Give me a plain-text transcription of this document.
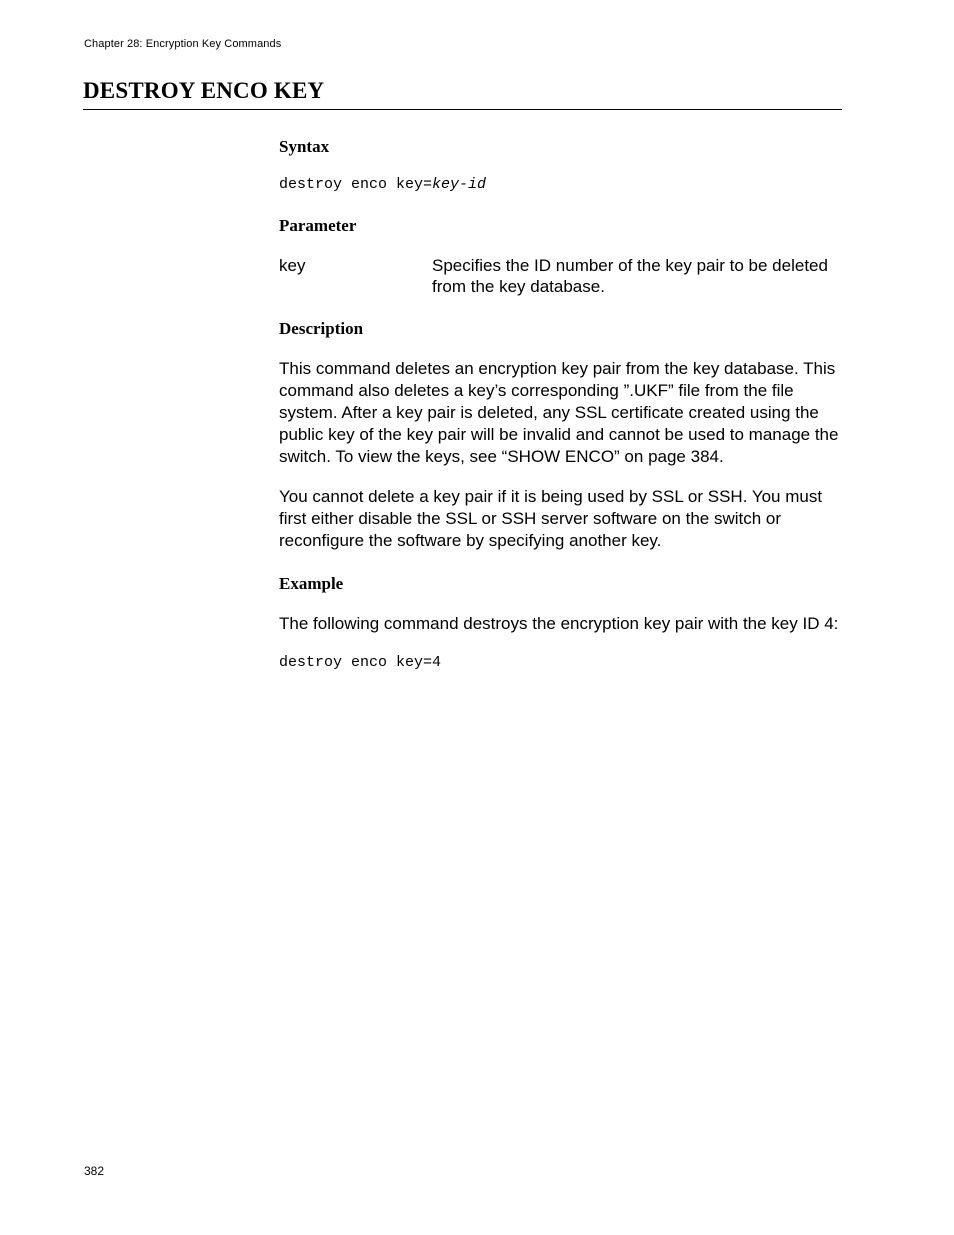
Chapter 28: Encryption Key Commands
DESTROY ENCO KEY
Syntax
destroy enco key=key-id
Parameter
key	Specifies the ID number of the key pair to be deleted from the key database.
Description

This command deletes an encryption key pair from the key database. This command also deletes a key’s corresponding ”.UKF” file from the file system. After a key pair is deleted, any SSL certificate created using the public key of the key pair will be invalid and cannot be used to manage the switch. To view the keys, see “SHOW ENCO” on page 384.

You cannot delete a key pair if it is being used by SSL or SSH. You must first either disable the SSL or SSH server software on the switch or reconfigure the software by specifying another key.

Example

The following command destroys the encryption key pair with the key ID 4:

destroy enco key=4
382
